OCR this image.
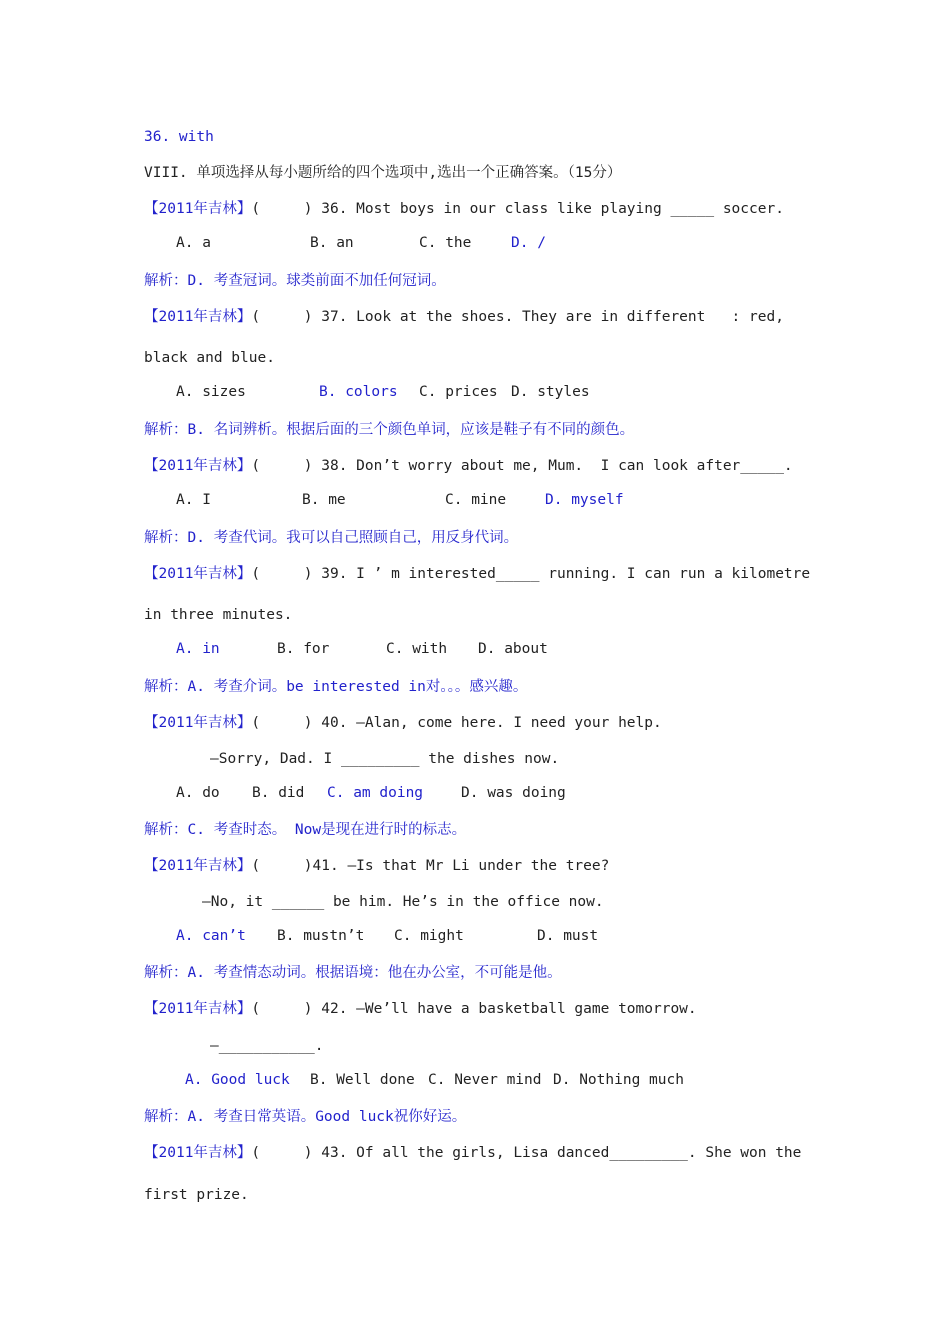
36. with
VIII. 单项选择从每小题所给的四个选项中,选出一个正确答案。（15分）
【2011年吉林】(     ) 36. Most boys in our class like playing _____ soccer.
A. a	B. an	C. the	D. /
解析：D. 考查冠词。球类前面不加任何冠词。
【2011年吉林】(     ) 37. Look at the shoes. They are in different   : red,
black and blue.
A. sizes	B. colors C. prices D. styles
解析：B. 名词辨析。根据后面的三个颜色单词，应该是鞋子有不同的颜色。
【2011年吉林】(     ) 38. Don’t worry about me, Mum.  I can look after_____.
A. I	B. me	C. mine	D. myself
解析：D. 考查代词。我可以自己照顾自己，用反身代词。
【2011年吉林】(     ) 39. I ’ m interested_____ running. I can run a kilometre
in three minutes.
A. in	B. for	C. with D. about
解析：A. 考查介词。be interested in对。。。感兴趣。
【2011年吉林】(     ) 40. —Alan, come here. I need your help.
—Sorry, Dad. I _________ the dishes now.
A. do B. did C. am doing	D. was doing
解析：C. 考查时态。 Now是现在进行时的标志。
【2011年吉林】(     )41. —Is that Mr Li under the tree?
—No, it ______ be him. He’s in the office now.
A. can’t B. mustn’t C. might	D. must
解析：A. 考查情态动词。根据语境：他在办公室，不可能是他。
【2011年吉林】(     ) 42. —We’ll have a basketball game tomorrow.
—___________.
A. Good luck B. Well done C. Never mind D. Nothing much
解析：A. 考查日常英语。Good luck祝你好运。
【2011年吉林】(     ) 43. Of all the girls, Lisa danced_________. She won the
first prize.
